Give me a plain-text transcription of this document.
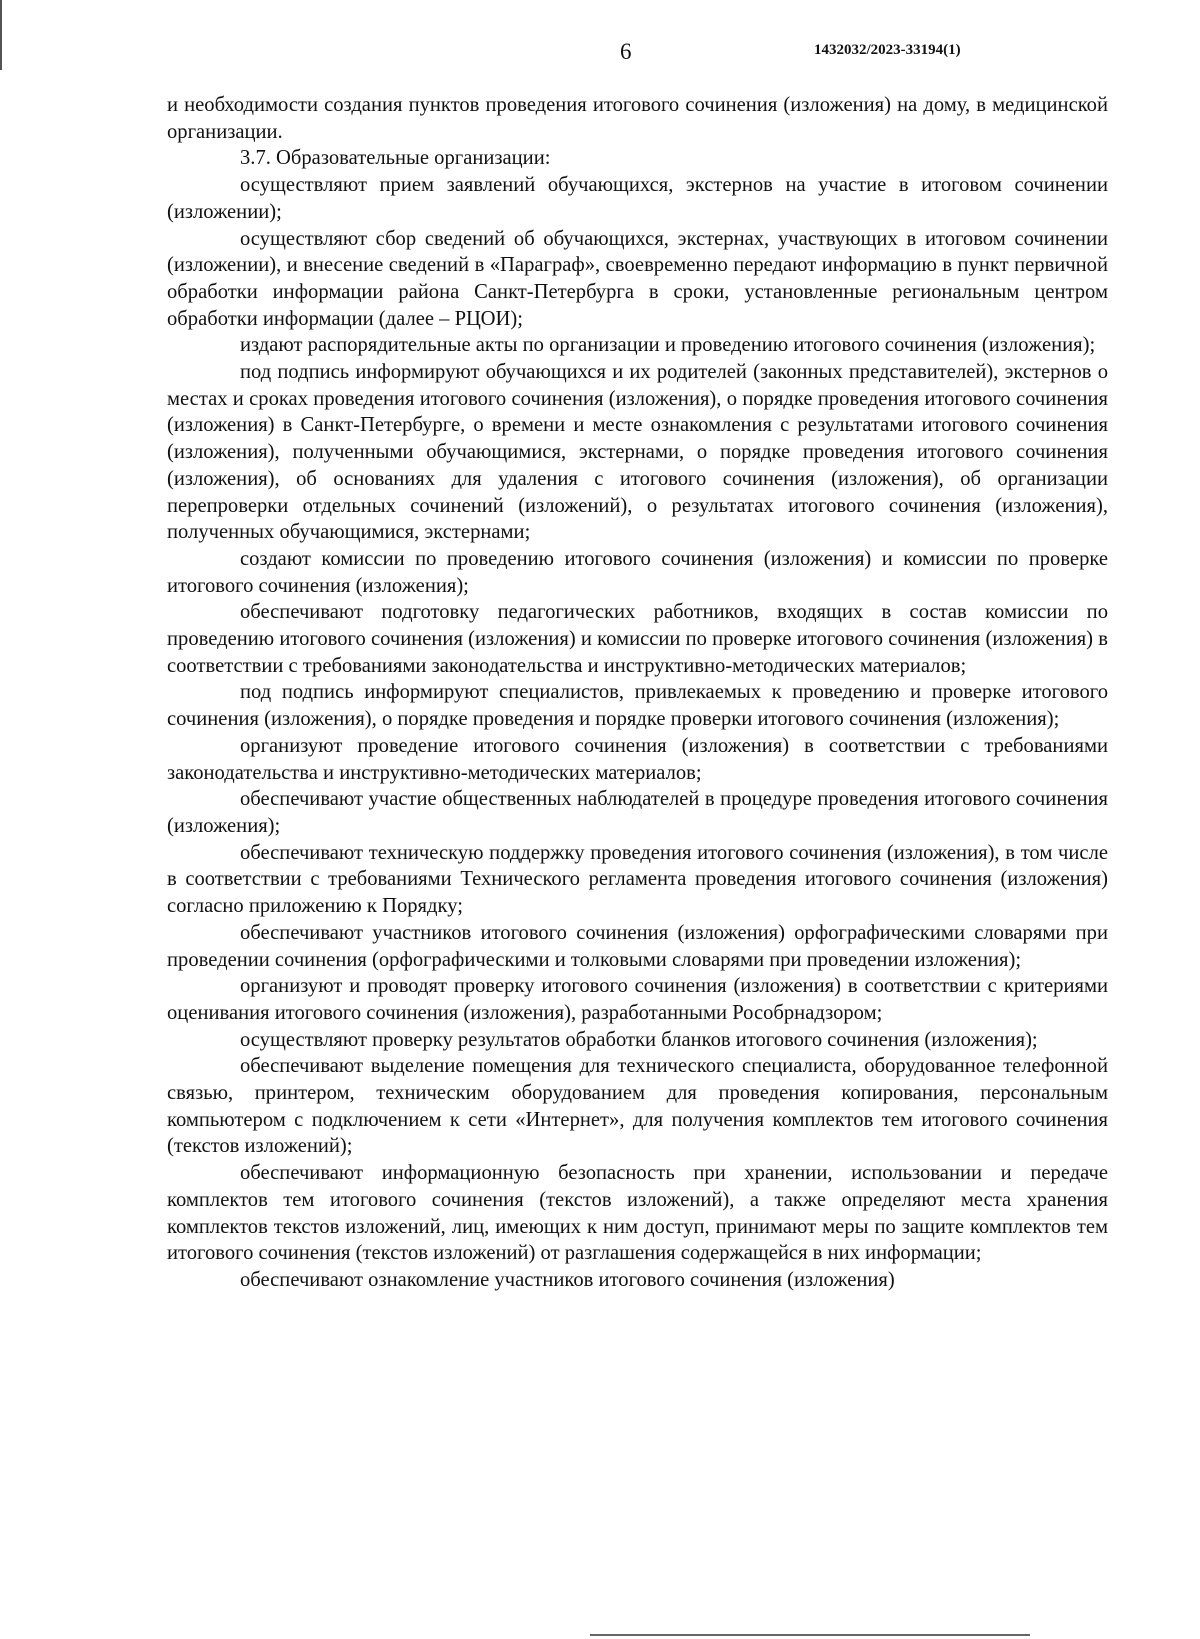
6	1432032/2023-33194(1)

и необходимости создания пунктов проведения итогового сочинения (изложения) на дому, в медицинской организации.

3.7. Образовательные организации:

осуществляют прием заявлений обучающихся, экстернов на участие в итоговом сочинении (изложении);

осуществляют сбор сведений об обучающихся, экстернах, участвующих в итоговом сочинении (изложении), и внесение сведений в «Параграф», своевременно передают информацию в пункт первичной обработки информации района Санкт-Петербурга в сроки, установленные региональным центром обработки информации (далее – РЦОИ);

издают распорядительные акты по организации и проведению итогового сочинения (изложения);

под подпись информируют обучающихся и их родителей (законных представителей), экстернов о местах и сроках проведения итогового сочинения (изложения), о порядке проведения итогового сочинения (изложения) в Санкт-Петербурге, о времени и месте ознакомления с результатами итогового сочинения (изложения), полученными обучающимися, экстернами, о порядке проведения итогового сочинения (изложения), об основаниях для удаления с итогового сочинения (изложения), об организации перепроверки отдельных сочинений (изложений), о результатах итогового сочинения (изложения), полученных обучающимися, экстернами;

создают комиссии по проведению итогового сочинения (изложения) и комиссии по проверке итогового сочинения (изложения);

обеспечивают подготовку педагогических работников, входящих в состав комиссии по проведению итогового сочинения (изложения) и комиссии по проверке итогового сочинения (изложения) в соответствии с требованиями законодательства и инструктивно-методических материалов;

под подпись информируют специалистов, привлекаемых к проведению и проверке итогового сочинения (изложения), о порядке проведения и порядке проверки итогового сочинения (изложения);

организуют проведение итогового сочинения (изложения) в соответствии с требованиями законодательства и инструктивно-методических материалов;

обеспечивают участие общественных наблюдателей в процедуре проведения итогового сочинения (изложения);

обеспечивают техническую поддержку проведения итогового сочинения (изложения), в том числе в соответствии с требованиями Технического регламента проведения итогового сочинения (изложения) согласно приложению к Порядку;

обеспечивают участников итогового сочинения (изложения) орфографическими словарями при проведении сочинения (орфографическими и толковыми словарями при проведении изложения);

организуют и проводят проверку итогового сочинения (изложения) в соответствии с критериями оценивания итогового сочинения (изложения), разработанными Рособрнадзором;

осуществляют проверку результатов обработки бланков итогового сочинения (изложения);

обеспечивают выделение помещения для технического специалиста, оборудованное телефонной связью, принтером, техническим оборудованием для проведения копирования, персональным компьютером с подключением к сети «Интернет», для получения комплектов тем итогового сочинения (текстов изложений);

обеспечивают информационную безопасность при хранении, использовании и передаче комплектов тем итогового сочинения (текстов изложений), а также определяют места хранения комплектов текстов изложений, лиц, имеющих к ним доступ, принимают меры по защите комплектов тем итогового сочинения (текстов изложений) от разглашения содержащейся в них информации;

обеспечивают ознакомление участников итогового сочинения (изложения)
